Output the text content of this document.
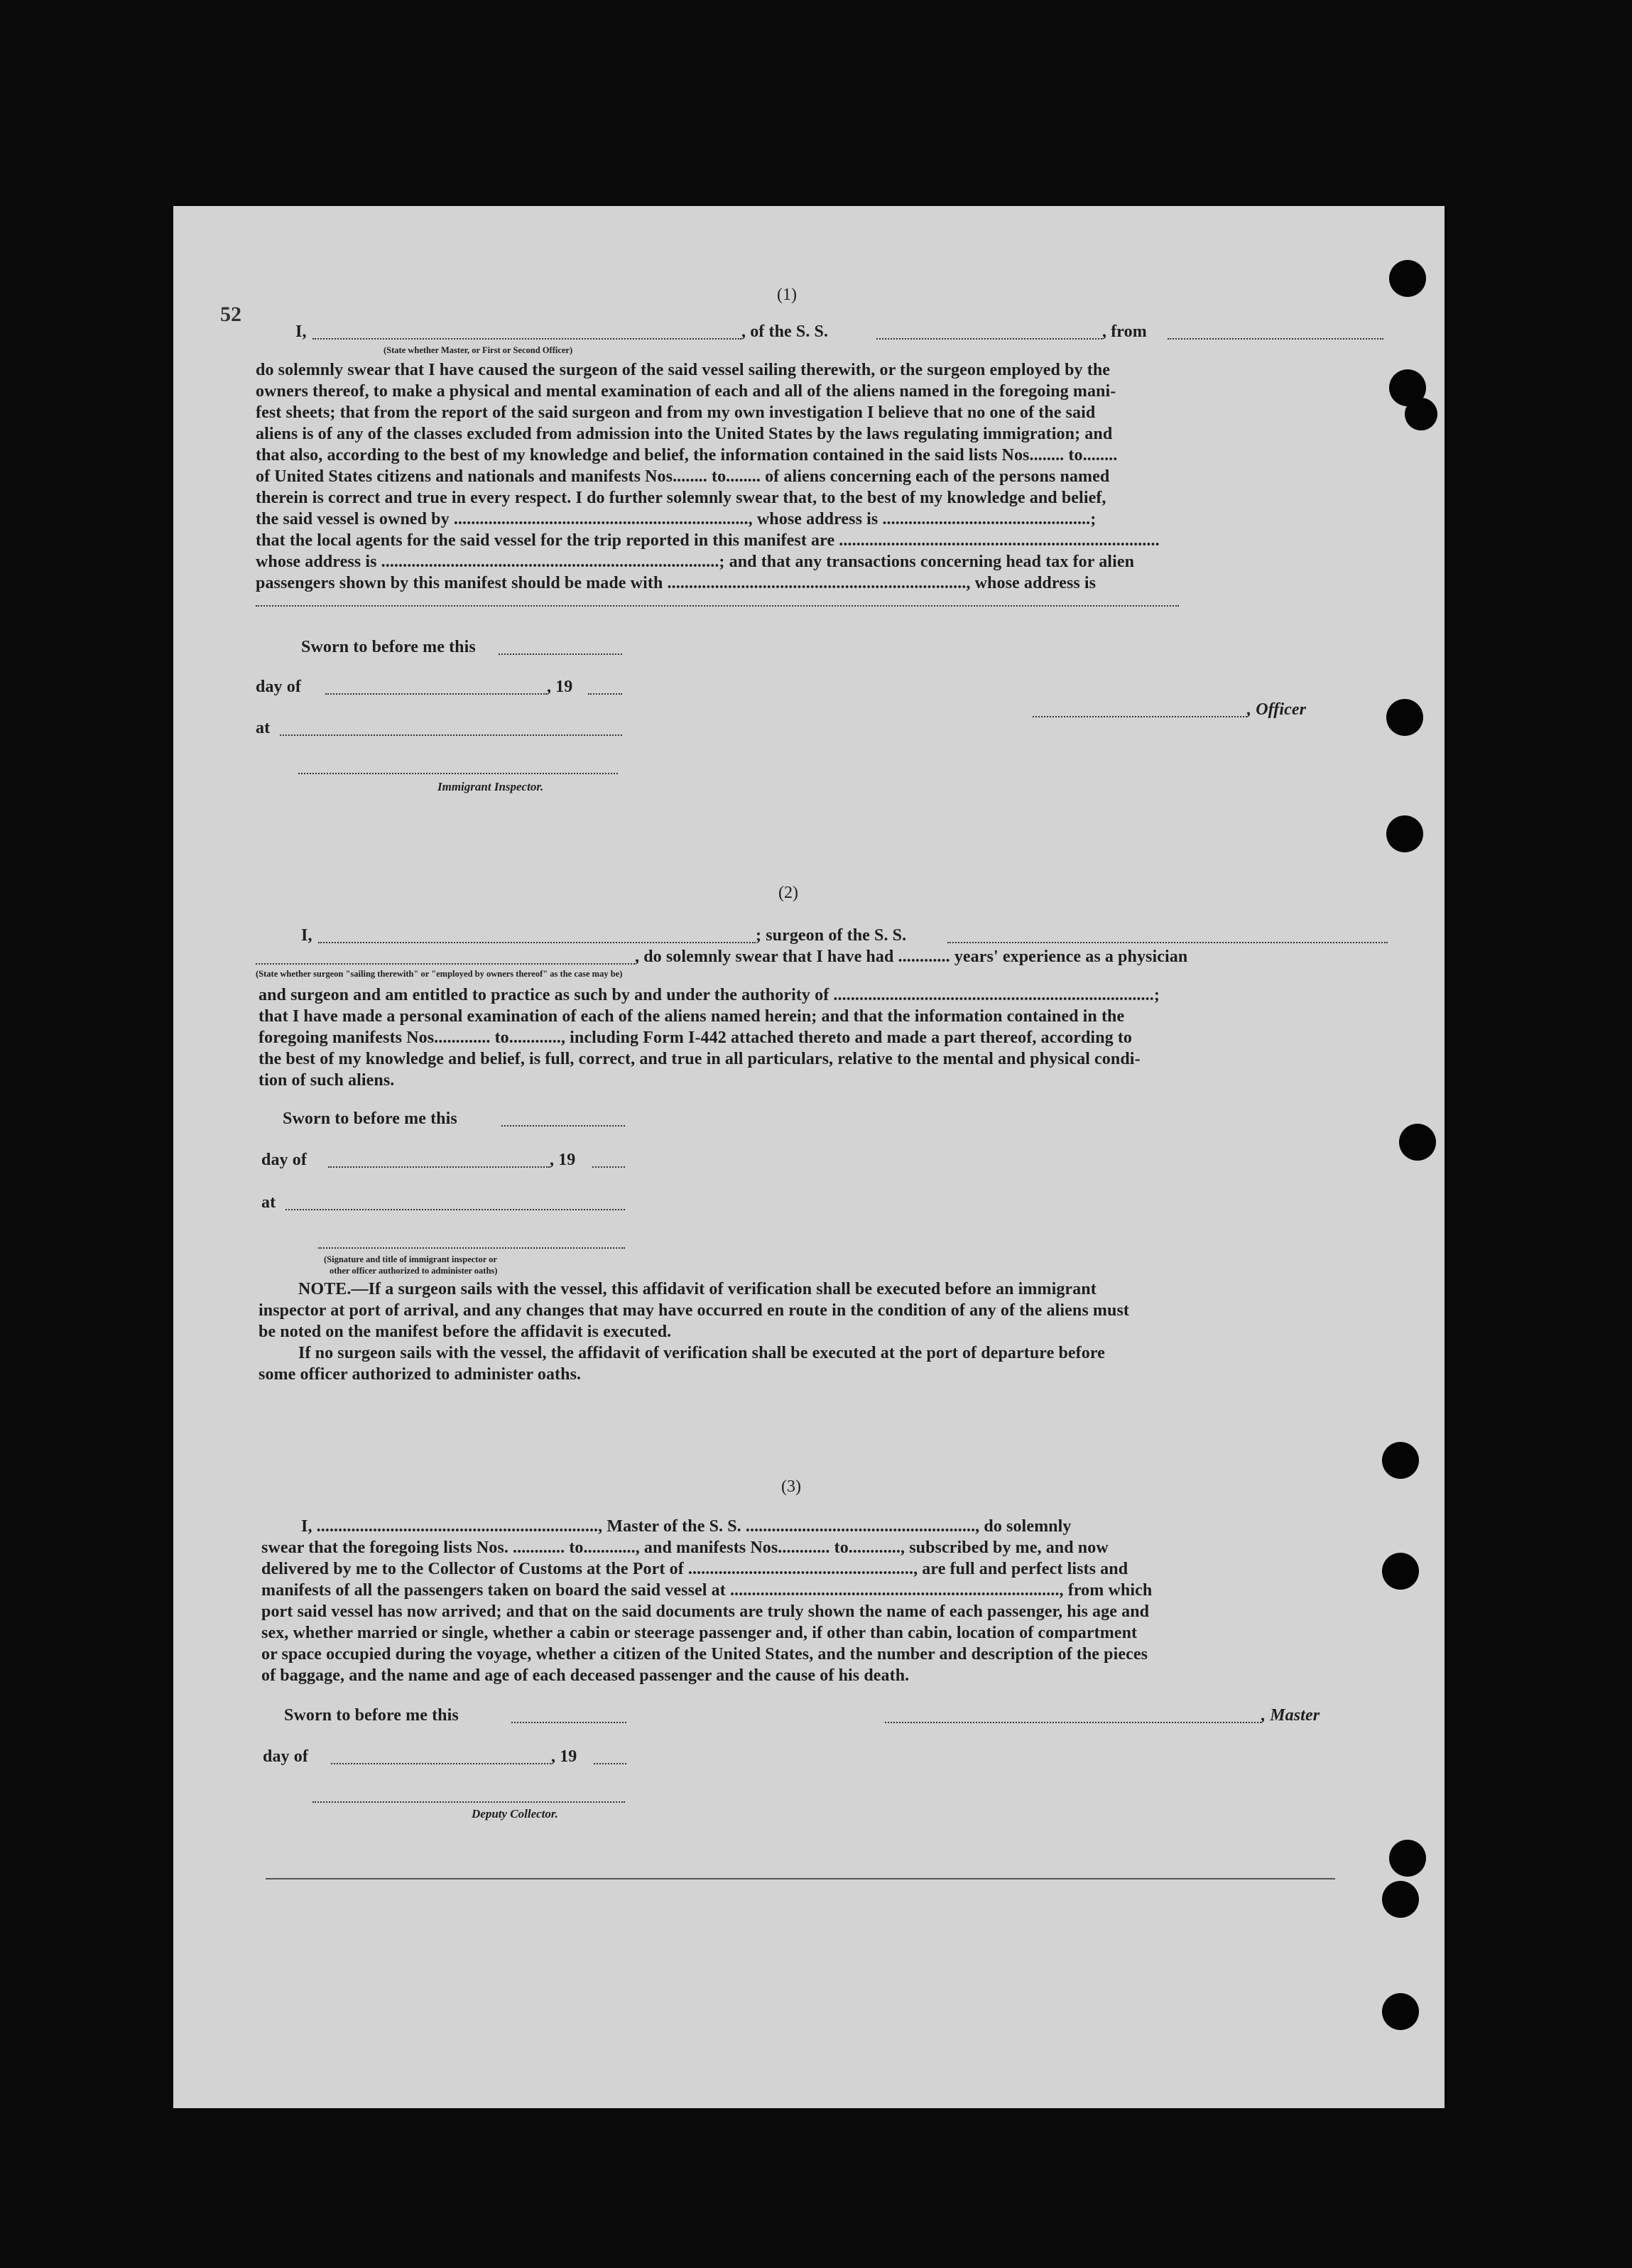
52
(1)
I,	, of the S. S.	, from
(State whether Master, or First or Second Officer)
do solemnly swear that I have caused the surgeon of the said vessel sailing therewith, or the surgeon employed by the
owners thereof, to make a physical and mental examination of each and all of the aliens named in the foregoing mani-
fest sheets; that from the report of the said surgeon and from my own investigation I believe that no one of the said
aliens is of any of the classes excluded from admission into the United States by the laws regulating immigration; and
that also, according to the best of my knowledge and belief, the information contained in the said lists Nos........ to........
of United States citizens and nationals and manifests Nos........ to........ of aliens concerning each of the persons named
therein is correct and true in every respect. I do further solemnly swear that, to the best of my knowledge and belief,
the said vessel is owned by ...................................................................., whose address is ................................................;
that the local agents for the said vessel for the trip reported in this manifest are ..........................................................................
whose address is ..............................................................................; and that any transactions concerning head tax for alien
passengers shown by this manifest should be made with ....................................................................., whose address is
Sworn to before me this
day of	, 19
, Officer
at
Immigrant Inspector.
(2)
I,	; surgeon of the S. S.
, do solemnly swear that I have had ............ years' experience as a physician
(State whether surgeon "sailing therewith" or "employed by owners thereof" as the case may be)
and surgeon and am entitled to practice as such by and under the authority of ..........................................................................;
that I have made a personal examination of each of the aliens named herein; and that the information contained in the
foregoing manifests Nos............. to............, including Form I-442 attached thereto and made a part thereof, according to
the best of my knowledge and belief, is full, correct, and true in all particulars, relative to the mental and physical condi-
tion of such aliens.
Sworn to before me this
day of	, 19
at
(Signature and title of immigrant inspector or
other officer authorized to administer oaths)
NOTE.—If a surgeon sails with the vessel, this affidavit of verification shall be executed before an immigrant
inspector at port of arrival, and any changes that may have occurred en route in the condition of any of the aliens must
be noted on the manifest before the affidavit is executed.
If no surgeon sails with the vessel, the affidavit of verification shall be executed at the port of departure before
some officer authorized to administer oaths.
(3)
I, ................................................................., Master of the S. S. ....................................................., do solemnly
swear that the foregoing lists Nos. ............ to............, and manifests Nos............ to............, subscribed by me, and now
delivered by me to the Collector of Customs at the Port of ...................................................., are full and perfect lists and
manifests of all the passengers taken on board the said vessel at ............................................................................, from which
port said vessel has now arrived; and that on the said documents are truly shown the name of each passenger, his age and
sex, whether married or single, whether a cabin or steerage passenger and, if other than cabin, location of compartment
or space occupied during the voyage, whether a citizen of the United States, and the number and description of the pieces
of baggage, and the name and age of each deceased passenger and the cause of his death.
Sworn to before me this	, Master
day of	, 19
Deputy Collector.
